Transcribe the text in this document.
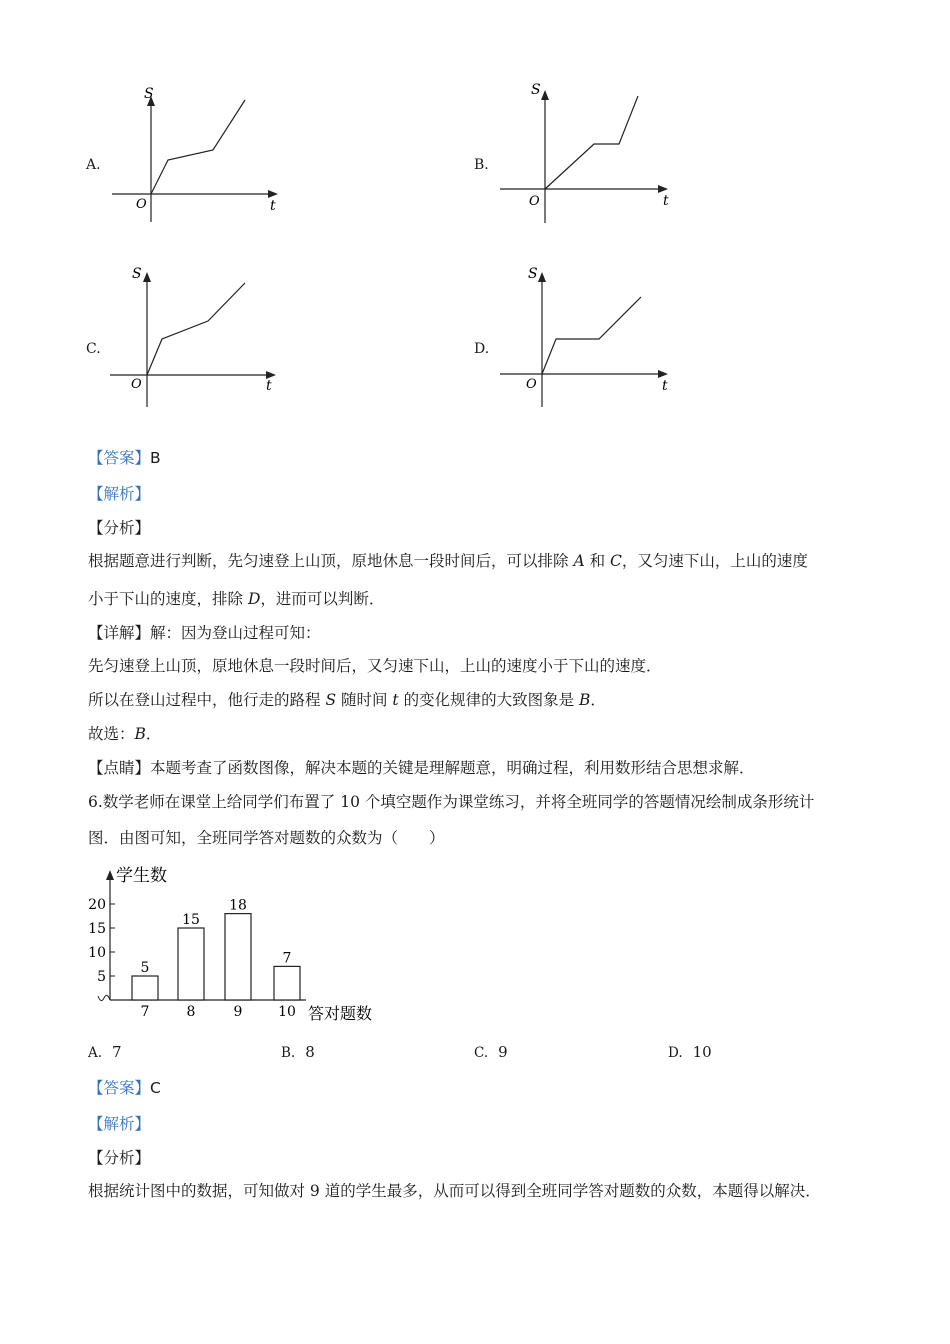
A.
S
O	t
B.
S
O	t
C.
S
O	t
D.
S
O	t
【答案】B
【解析】
【分析】
根据题意进行判断，先匀速登上山顶，原地休息一段时间后，可以排除 A 和 C，又匀速下山，上山的速度
小于下山的速度，排除 D，进而可以判断．
【详解】解：因为登山过程可知：
先匀速登上山顶，原地休息一段时间后，又匀速下山，上山的速度小于下山的速度．
所以在登山过程中，他行走的路程 S 随时间 t 的变化规律的大致图象是 B．
故选：B．
【点睛】本题考查了函数图像，解决本题的关键是理解题意，明确过程，利用数形结合思想求解．
6.数学老师在课堂上给同学们布置了 10 个填空题作为课堂练习，并将全班同学的答题情况绘制成条形统计
图．由图可知，全班同学答对题数的众数为（　　）
学生数
答对题数
5
10
15
20
5
7
15
8
18
9
7
10
A. 7	B. 8	C. 9	D. 10
【答案】C
【解析】
【分析】
根据统计图中的数据，可知做对 9 道的学生最多，从而可以得到全班同学答对题数的众数，本题得以解决．
